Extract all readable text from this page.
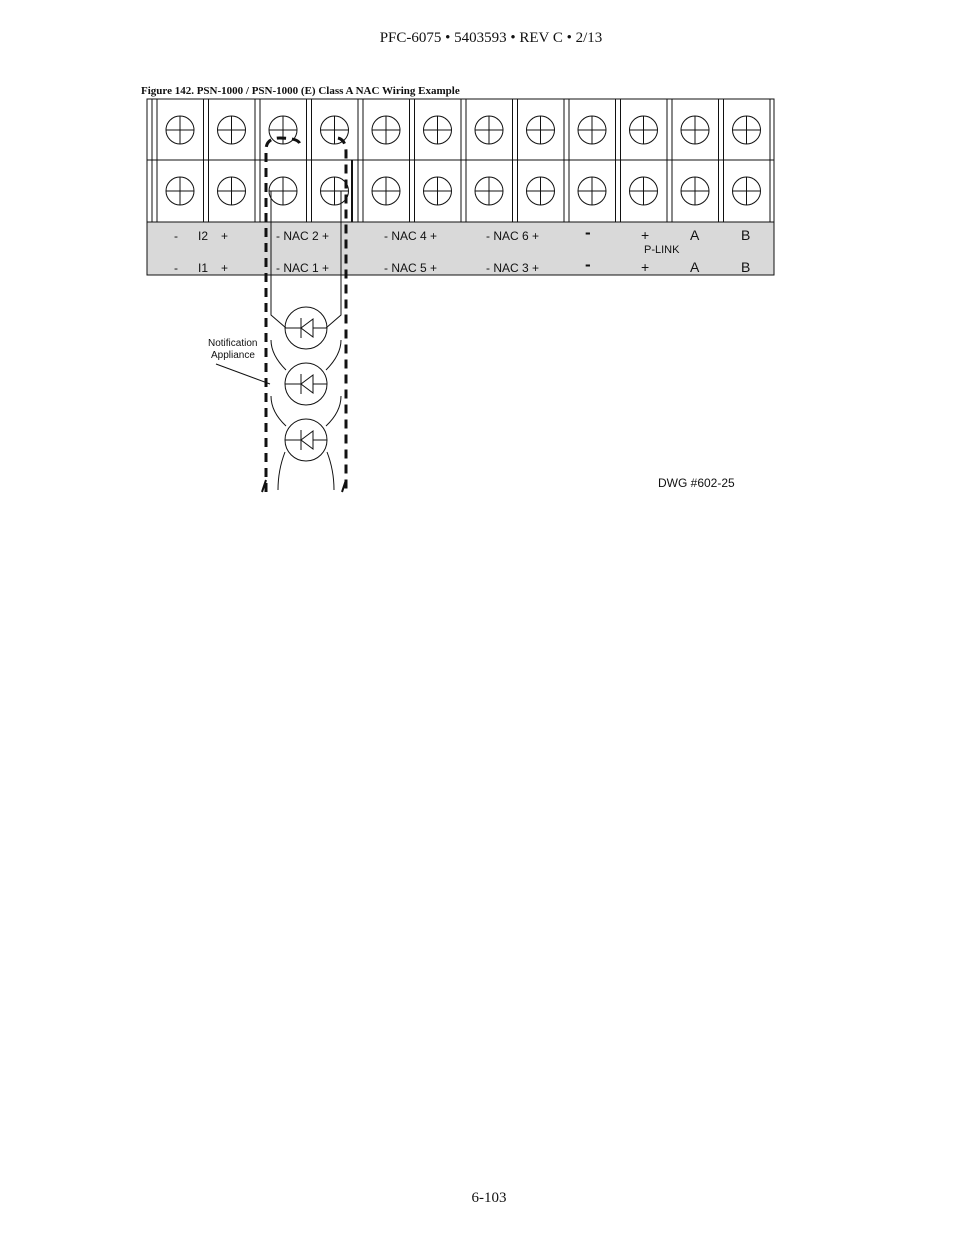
PFC-6075 • 5403593 • REV C • 2/13
Figure 142. PSN-1000 / PSN-1000 (E) Class A NAC Wiring Example
- I2 +	- NAC 2 +	- NAC 4 +	- NAC 6 +	-	+	A	B
P-LINK
- I1 +	- NAC 1 +	- NAC 5 +	- NAC 3 +	-	+	A	B
Notification
Appliance
DWG #602-25
6-103
